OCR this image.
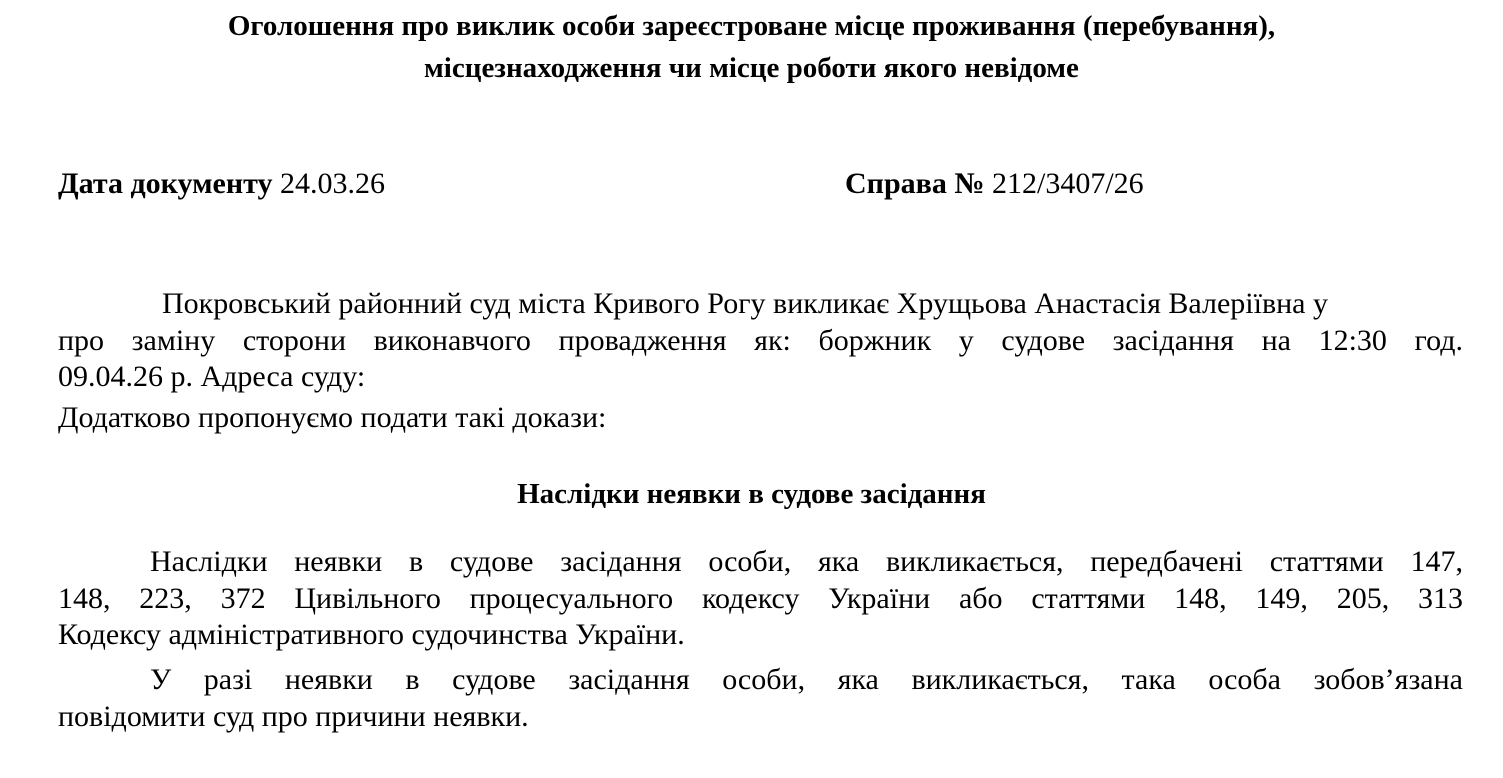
Оголошення про виклик особи зареєстроване місце проживання (перебування),
місцезнаходження чи місце роботи якого невідоме
Дата документу 24.03.26	Справа № 212/3407/26
Покровський районний суд міста Кривого Рогу викликає Хрущьова Анастасія Валеріївна у
про заміну сторони виконавчого провадження як: боржник у судове засідання на 12:30 год.
09.04.26 р. Адреса суду:
Додатково пропонуємо подати такі докази:
Наслідки неявки в судове засідання
Наслідки неявки в судове засідання особи, яка викликається, передбачені статтями 147,
148, 223, 372 Цивільного процесуального кодексу України або статтями 148, 149, 205, 313
Кодексу адміністративного судочинства України.
У разі неявки в судове засідання особи, яка викликається, така особа зобов’язана
повідомити суд про причини неявки.
